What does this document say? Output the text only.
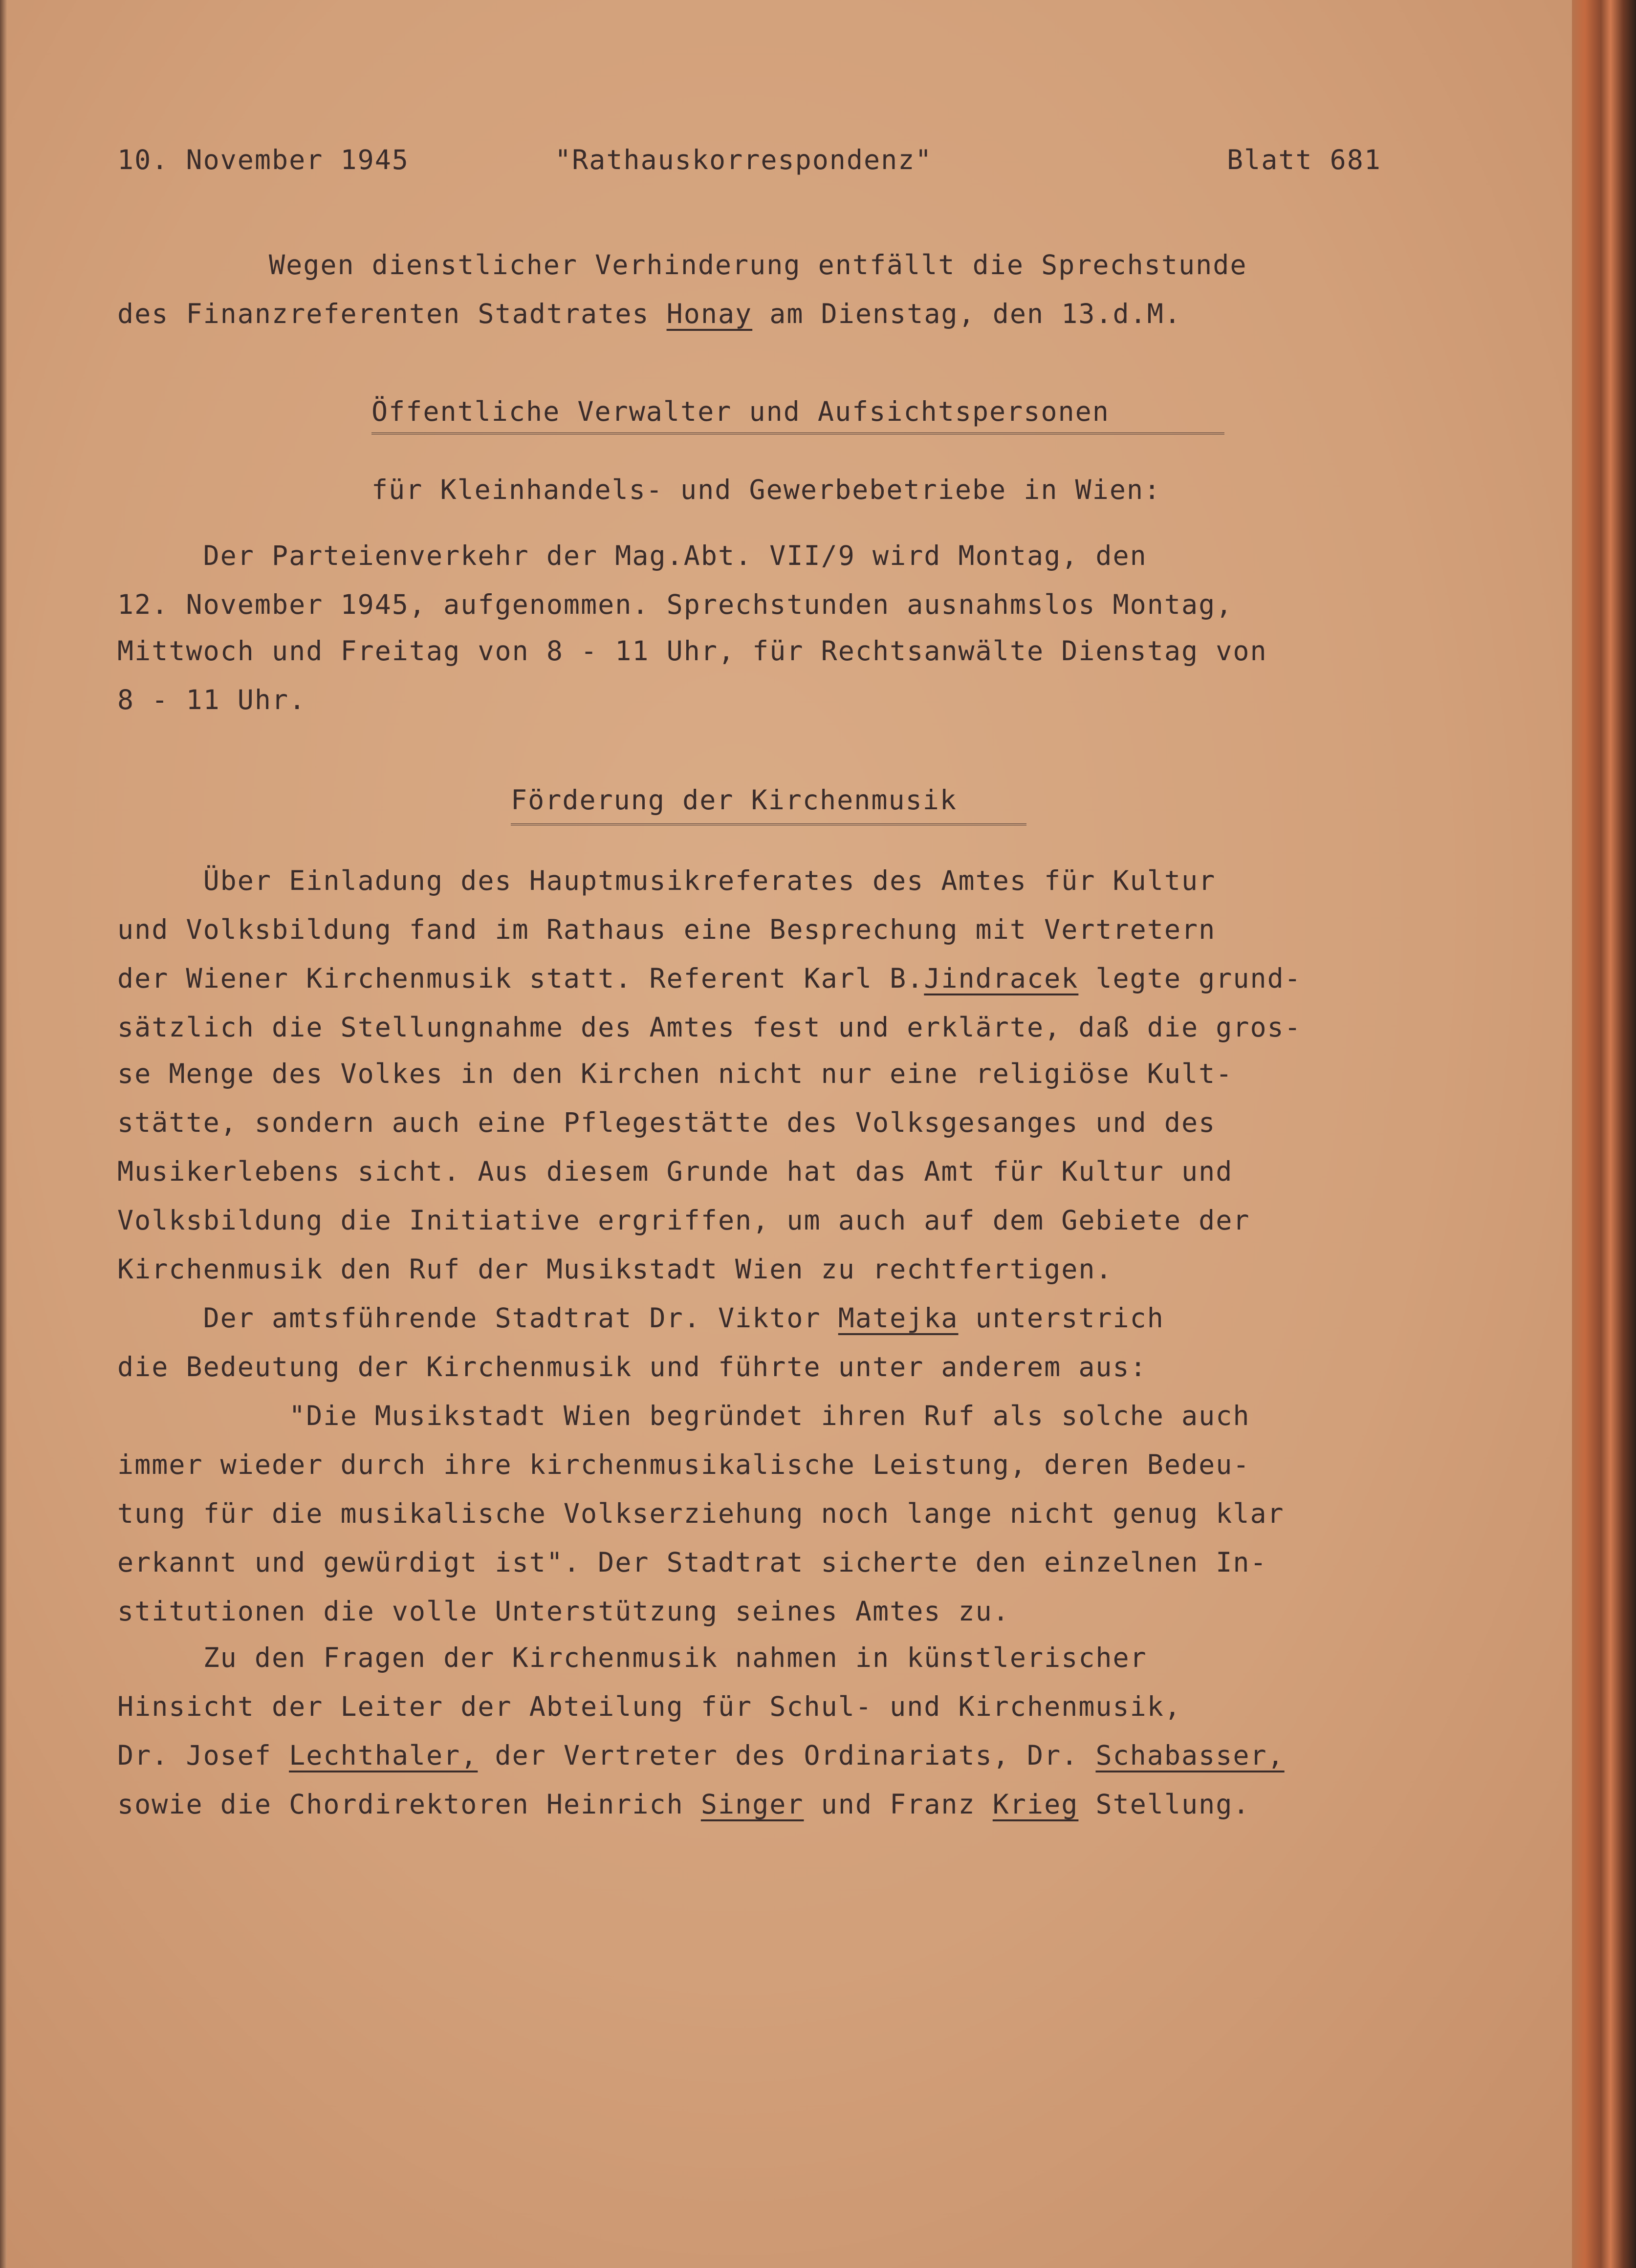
10. November 1945	"Rathauskorrespondenz"	Blatt 681
Wegen dienstlicher Verhinderung entfällt die Sprechstunde
des Finanzreferenten Stadtrates Honay am Dienstag, den 13.d.M.
Öffentliche Verwalter und Aufsichtspersonen
für Kleinhandels- und Gewerbebetriebe in Wien:
Der Parteienverkehr der Mag.Abt. VII/9 wird Montag, den
12. November 1945, aufgenommen. Sprechstunden ausnahmslos Montag,
Mittwoch und Freitag von 8 - 11 Uhr, für Rechtsanwälte Dienstag von
8 - 11 Uhr.
Förderung der Kirchenmusik
Über Einladung des Hauptmusikreferates des Amtes für Kultur
und Volksbildung fand im Rathaus eine Besprechung mit Vertretern
der Wiener Kirchenmusik statt. Referent Karl B.Jindracek legte grund-
sätzlich die Stellungnahme des Amtes fest und erklärte, daß die gros-
se Menge des Volkes in den Kirchen nicht nur eine religiöse Kult-
stätte, sondern auch eine Pflegestätte des Volksgesanges und des
Musikerlebens sicht. Aus diesem Grunde hat das Amt für Kultur und
Volksbildung die Initiative ergriffen, um auch auf dem Gebiete der
Kirchenmusik den Ruf der Musikstadt Wien zu rechtfertigen.
Der amtsführende Stadtrat Dr. Viktor Matejka unterstrich
die Bedeutung der Kirchenmusik und führte unter anderem aus:
"Die Musikstadt Wien begründet ihren Ruf als solche auch
immer wieder durch ihre kirchenmusikalische Leistung, deren Bedeu-
tung für die musikalische Volkserziehung noch lange nicht genug klar
erkannt und gewürdigt ist". Der Stadtrat sicherte den einzelnen In-
stitutionen die volle Unterstützung seines Amtes zu.
Zu den Fragen der Kirchenmusik nahmen in künstlerischer
Hinsicht der Leiter der Abteilung für Schul- und Kirchenmusik,
Dr. Josef Lechthaler, der Vertreter des Ordinariats, Dr. Schabasser,
sowie die Chordirektoren Heinrich Singer und Franz Krieg Stellung.
